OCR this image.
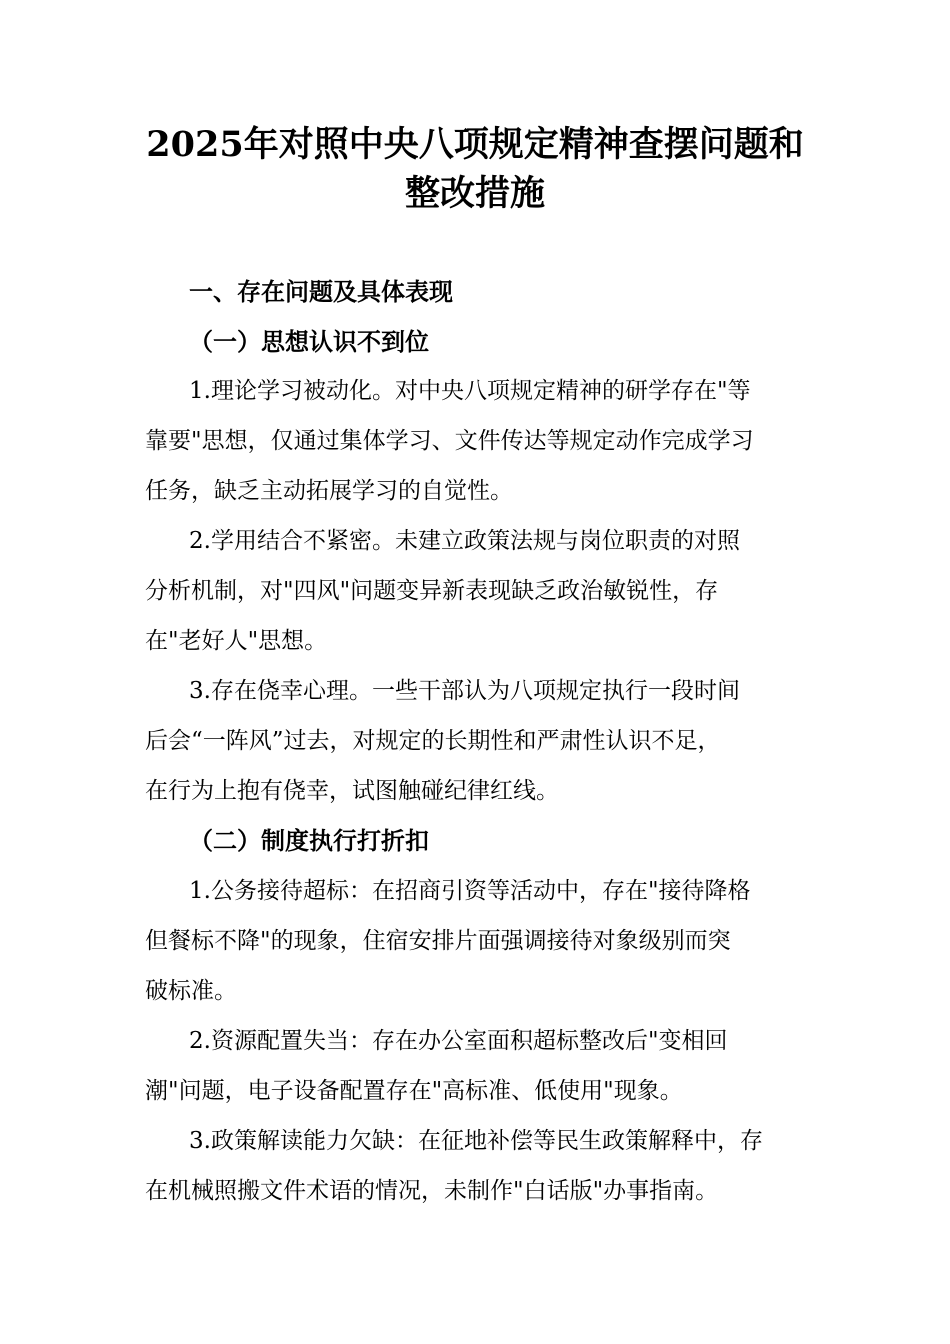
2025年对照中央八项规定精神查摆问题和
整改措施
一、存在问题及具体表现
（一）思想认识不到位
1.理论学习被动化。对中央八项规定精神的研学存在"等
靠要"思想，仅通过集体学习、文件传达等规定动作完成学习
任务，缺乏主动拓展学习的自觉性。
2.学用结合不紧密。未建立政策法规与岗位职责的对照
分析机制，对"四风"问题变异新表现缺乏政治敏锐性，存
在"老好人"思想。
3.存在侥幸心理。一些干部认为八项规定执行一段时间
后会“一阵风”过去，对规定的长期性和严肃性认识不足，
在行为上抱有侥幸，试图触碰纪律红线。
（二）制度执行打折扣
1.公务接待超标：在招商引资等活动中，存在"接待降格
但餐标不降"的现象，住宿安排片面强调接待对象级别而突
破标准。
2.资源配置失当：存在办公室面积超标整改后"变相回
潮"问题，电子设备配置存在"高标准、低使用"现象。
3.政策解读能力欠缺：在征地补偿等民生政策解释中，存
在机械照搬文件术语的情况，未制作"白话版"办事指南。
